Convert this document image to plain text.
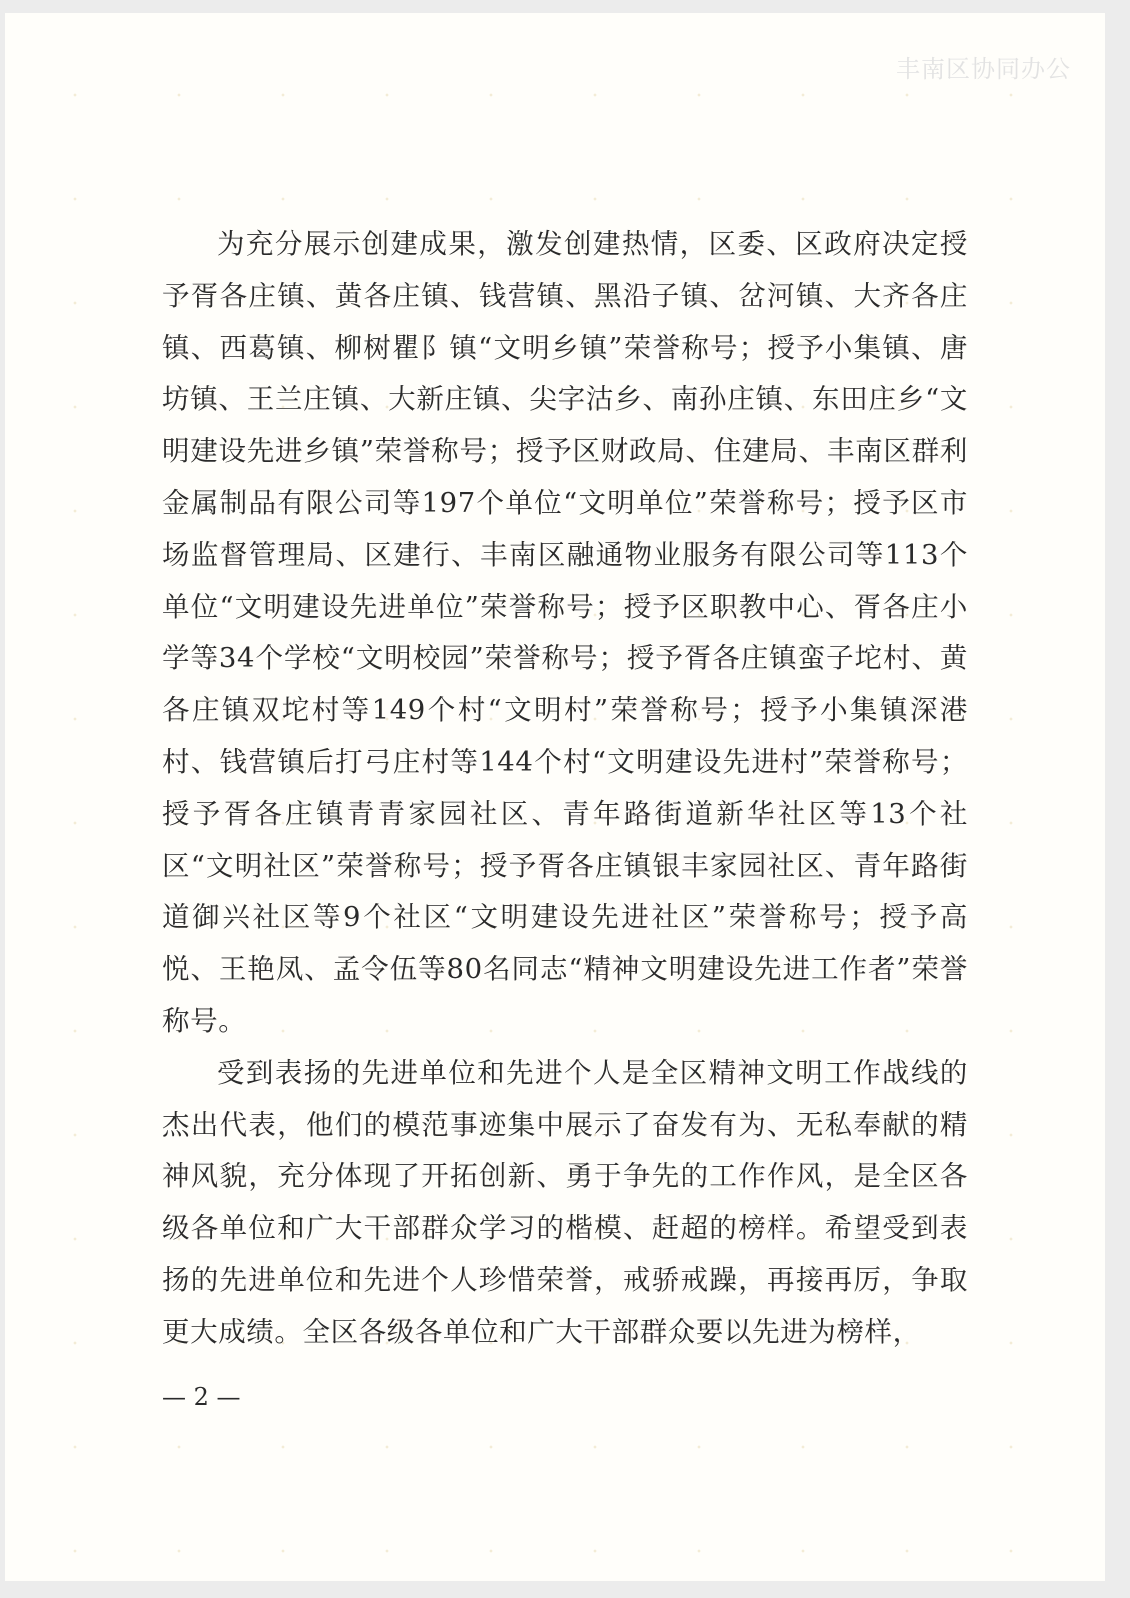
丰南区协同办公

为充分展示创建成果，激发创建热情，区委、区政府决定授予胥各庄镇、黄各庄镇、钱营镇、黑沿子镇、岔河镇、大齐各庄镇、西葛镇、柳树瞿阝镇“文明乡镇”荣誉称号；授予小集镇、唐坊镇、王兰庄镇、大新庄镇、尖字沽乡、南孙庄镇、东田庄乡“文明建设先进乡镇”荣誉称号；授予区财政局、住建局、丰南区群利金属制品有限公司等197个单位“文明单位”荣誉称号；授予区市场监督管理局、区建行、丰南区融通物业服务有限公司等113个单位“文明建设先进单位”荣誉称号；授予区职教中心、胥各庄小学等34个学校“文明校园”荣誉称号；授予胥各庄镇蛮子坨村、黄各庄镇双坨村等149个村“文明村”荣誉称号；授予小集镇深港村、钱营镇后打弓庄村等144个村“文明建设先进村”荣誉称号；授予胥各庄镇青青家园社区、青年路街道新华社区等13个社区“文明社区”荣誉称号；授予胥各庄镇银丰家园社区、青年路街道御兴社区等9个社区“文明建设先进社区”荣誉称号；授予高悦、王艳凤、孟令伍等80名同志“精神文明建设先进工作者”荣誉称号。

受到表扬的先进单位和先进个人是全区精神文明工作战线的杰出代表，他们的模范事迹集中展示了奋发有为、无私奉献的精神风貌，充分体现了开拓创新、勇于争先的工作作风，是全区各级各单位和广大干部群众学习的楷模、赶超的榜样。希望受到表扬的先进单位和先进个人珍惜荣誉，戒骄戒躁，再接再厉，争取更大成绩。全区各级各单位和广大干部群众要以先进为榜样，

— 2 —
